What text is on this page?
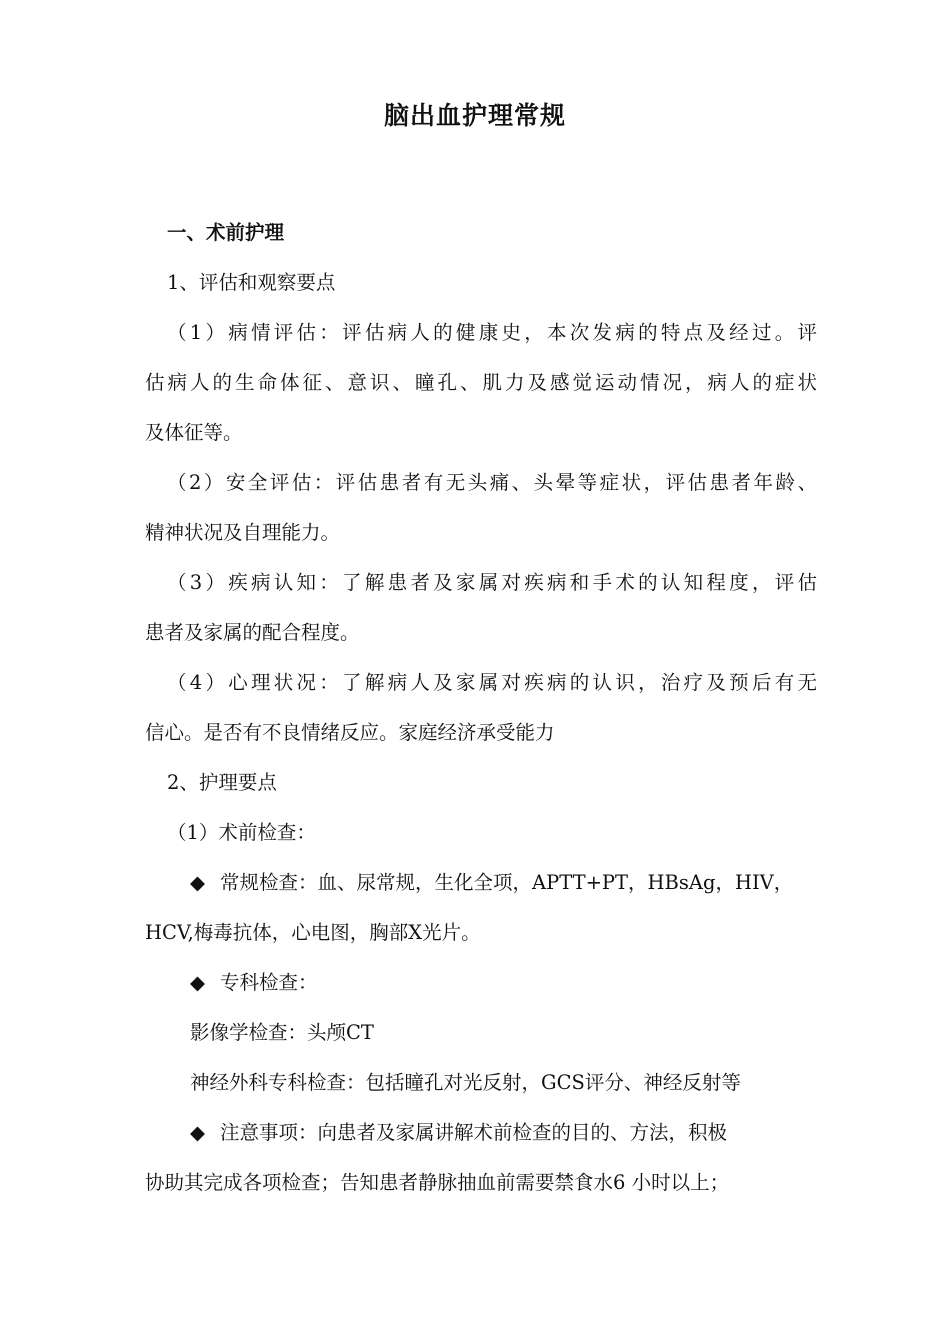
脑出血护理常规
一、术前护理
1、评估和观察要点
（1）病情评估：评估病人的健康史，本次发病的特点及经过。评
估病人的生命体征、意识、瞳孔、肌力及感觉运动情况，病人的症状
及体征等。
（2）安全评估：评估患者有无头痛、头晕等症状，评估患者年龄、
精神状况及自理能力。
（3）疾病认知：了解患者及家属对疾病和手术的认知程度，评估
患者及家属的配合程度。
（4）心理状况：了解病人及家属对疾病的认识，治疗及预后有无
信心。是否有不良情绪反应。家庭经济承受能力
2、护理要点
（1）术前检查：
◆ 常规检查：血、尿常规，生化全项，APTT+PT，HBsAg，HIV，
HCV,梅毒抗体，心电图，胸部X光片。
◆ 专科检查：
影像学检查：头颅CT
神经外科专科检查：包括瞳孔对光反射，GCS评分、神经反射等
◆ 注意事项：向患者及家属讲解术前检查的目的、方法，积极
协助其完成各项检查；告知患者静脉抽血前需要禁食水6 小时以上；
